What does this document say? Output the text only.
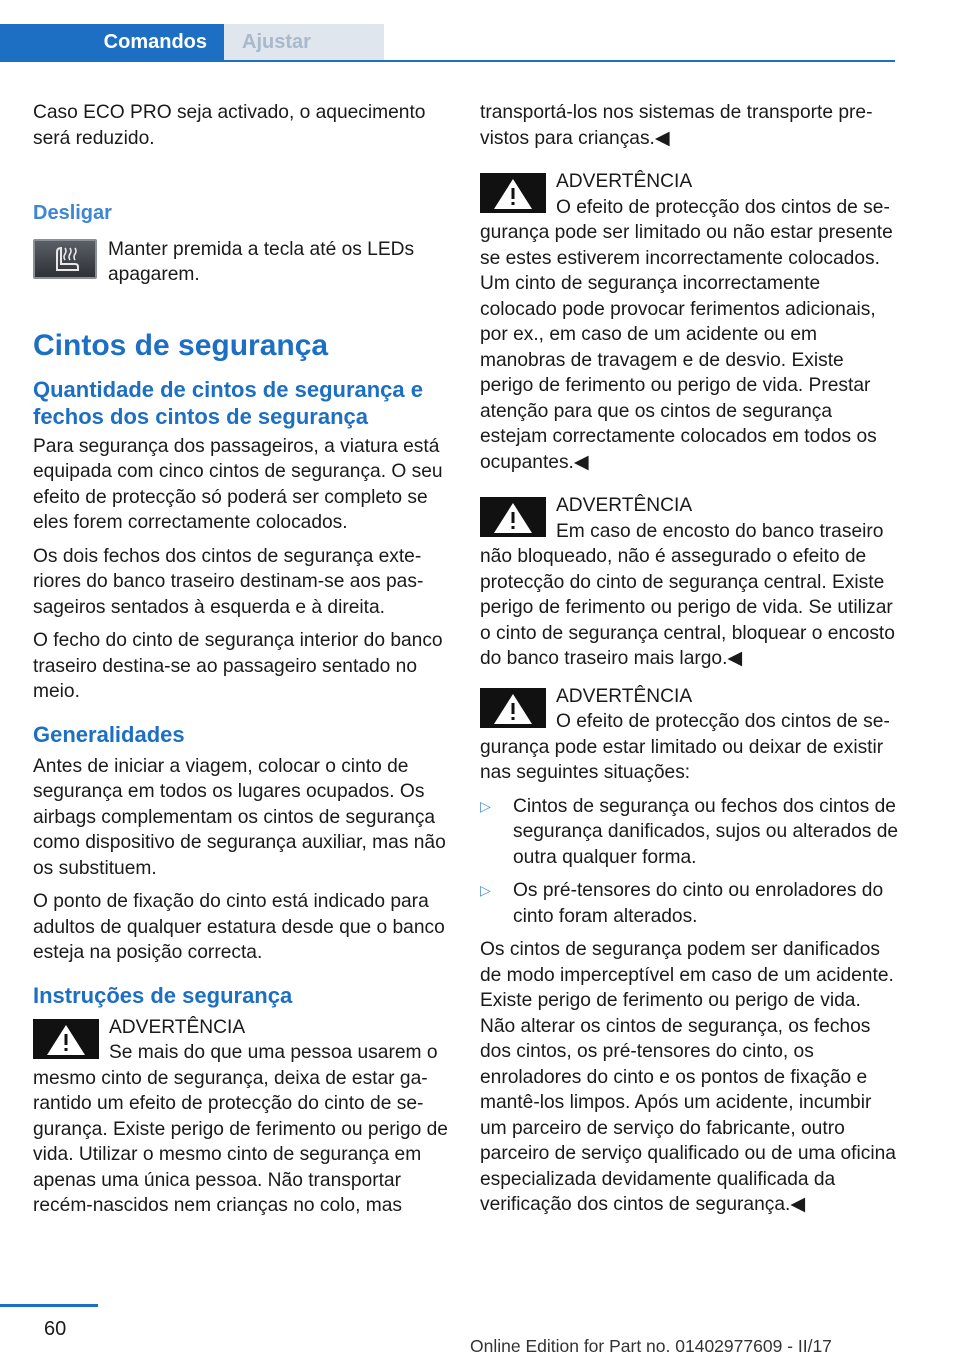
Comandos	Ajustar

Caso ECO PRO seja activado, o aquecimento será reduzido.

Desligar

Manter premida a tecla até os LEDs apagarem.

Cintos de segurança
Quantidade de cintos de segurança e fechos dos cintos de segurança

Para segurança dos passageiros, a viatura está equipada com cinco cintos de segurança. O seu efeito de protecção só poderá ser completo se eles forem correctamente colocados.

Os dois fechos dos cintos de segurança exteriores do banco traseiro destinam-se aos passageiros sentados à esquerda e à direita.

O fecho do cinto de segurança interior do banco traseiro destina-se ao passageiro sentado no meio.

Generalidades

Antes de iniciar a viagem, colocar o cinto de segurança em todos os lugares ocupados. Os airbags complementam os cintos de segurança como dispositivo de segurança auxiliar, mas não os substituem.

O ponto de fixação do cinto está indicado para adultos de qualquer estatura desde que o banco esteja na posição correcta.

Instruções de segurança

ADVERTÊNCIA

Se mais do que uma pessoa usarem o mesmo cinto de segurança, deixa de estar garantido um efeito de protecção do cinto de segurança. Existe perigo de ferimento ou perigo de vida. Utilizar o mesmo cinto de segurança em apenas uma única pessoa. Não transportar recém-nascidos nem crianças no colo, mas

transportá-los nos sistemas de transporte previstos para crianças.◀

ADVERTÊNCIA

O efeito de protecção dos cintos de segurança pode ser limitado ou não estar presente se estes estiverem incorrectamente colocados. Um cinto de segurança incorrectamente colocado pode provocar ferimentos adicionais, por ex., em caso de um acidente ou em manobras de travagem e de desvio. Existe perigo de ferimento ou perigo de vida. Prestar atenção para que os cintos de segurança estejam correctamente colocados em todos os ocupantes.◀

ADVERTÊNCIA

Em caso de encosto do banco traseiro não bloqueado, não é assegurado o efeito de protecção do cinto de segurança central. Existe perigo de ferimento ou perigo de vida. Se utilizar o cinto de segurança central, bloquear o encosto do banco traseiro mais largo.◀

ADVERTÊNCIA

O efeito de protecção dos cintos de segurança pode estar limitado ou deixar de existir nas seguintes situações:

▷	Cintos de segurança ou fechos dos cintos de segurança danificados, sujos ou alterados de outra qualquer forma.

▷	Os pré-tensores do cinto ou enroladores do cinto foram alterados.

Os cintos de segurança podem ser danificados de modo imperceptível em caso de um acidente. Existe perigo de ferimento ou perigo de vida. Não alterar os cintos de segurança, os fechos dos cintos, os pré-tensores do cinto, os enroladores do cinto e os pontos de fixação e mantê-los limpos. Após um acidente, incumbir um parceiro de serviço do fabricante, outro parceiro de serviço qualificado ou de uma oficina especializada devidamente qualificada da verificação dos cintos de segurança.◀

60
Online Edition for Part no. 01402977609 - II/17
